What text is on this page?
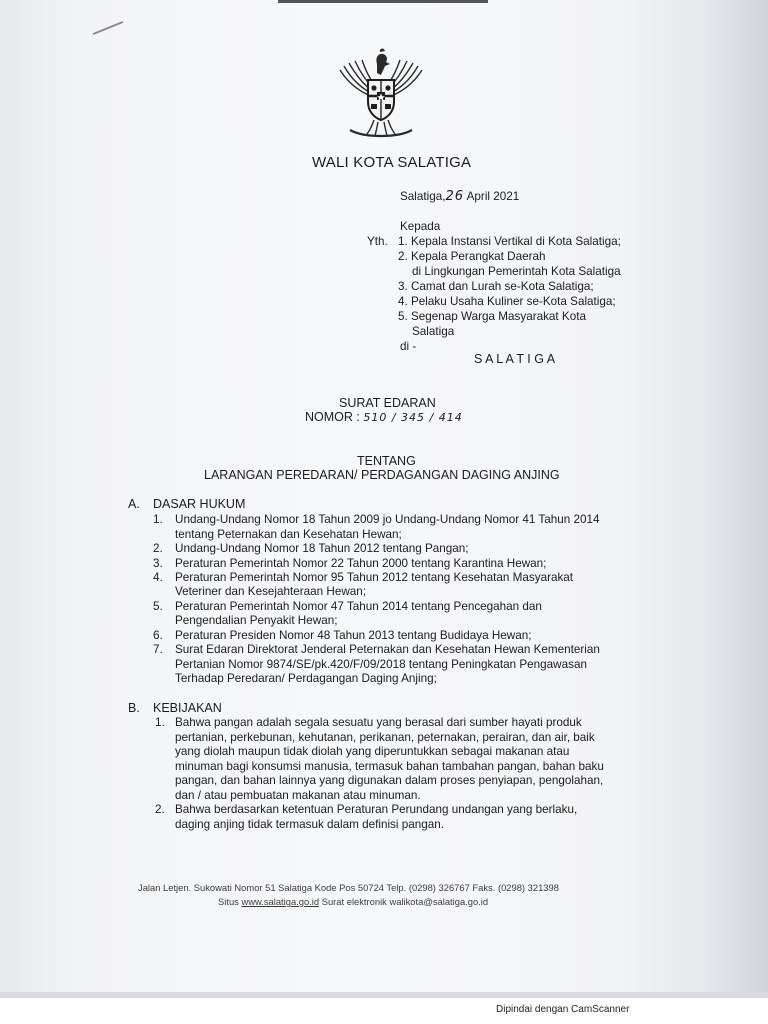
WALI KOTA SALATIGA
Salatiga,26 April 2021
Kepada
Yth. 1. Kepala Instansi Vertikal di Kota Salatiga;
2. Kepala Perangkat Daerah
di Lingkungan Pemerintah Kota Salatiga
3. Camat dan Lurah se-Kota Salatiga;
4. Pelaku Usaha Kuliner se-Kota Salatiga;
5. Segenap Warga Masyarakat Kota
Salatiga
di -
S A L A T I G A
SURAT EDARAN
NOMOR : 510 / 345 / 414
TENTANG
LARANGAN PEREDARAN/ PERDAGANGAN DAGING ANJING
A. DASAR HUKUM
1. Undang-Undang Nomor 18 Tahun 2009 jo Undang-Undang Nomor 41 Tahun 2014
tentang Peternakan dan Kesehatan Hewan;
2. Undang-Undang Nomor 18 Tahun 2012 tentang Pangan;
3. Peraturan Pemerintah Nomor 22 Tahun 2000 tentang Karantina Hewan;
4. Peraturan Pemerintah Nomor 95 Tahun 2012 tentang Kesehatan Masyarakat
Veteriner dan Kesejahteraan Hewan;
5. Peraturan Pemerintah Nomor 47 Tahun 2014 tentang Pencegahan dan
Pengendalian Penyakit Hewan;
6. Peraturan Presiden Nomor 48 Tahun 2013 tentang Budidaya Hewan;
7. Surat Edaran Direktorat Jenderal Peternakan dan Kesehatan Hewan Kementerian
Pertanian Nomor 9874/SE/pk.420/F/09/2018 tentang Peningkatan Pengawasan
Terhadap Peredaran/ Perdagangan Daging Anjing;
B. KEBIJAKAN
1. Bahwa pangan adalah segala sesuatu yang berasal dari sumber hayati produk
pertanian, perkebunan, kehutanan, perikanan, peternakan, perairan, dan air, baik
yang diolah maupun tidak diolah yang diperuntukkan sebagai makanan atau
minuman bagi konsumsi manusia, termasuk bahan tambahan pangan, bahan baku
pangan, dan bahan lainnya yang digunakan dalam proses penyiapan, pengolahan,
dan / atau pembuatan makanan atau minuman.
2. Bahwa berdasarkan ketentuan Peraturan Perundang undangan yang berlaku,
daging anjing tidak termasuk dalam definisi pangan.
Jalan Letjen. Sukowati Nomor 51 Salatiga Kode Pos 50724 Telp. (0298) 326767 Faks. (0298) 321398
Situs www.salatiga.go.id Surat elektronik walikota@salatiga.go.id
Dipindai dengan CamScanner
